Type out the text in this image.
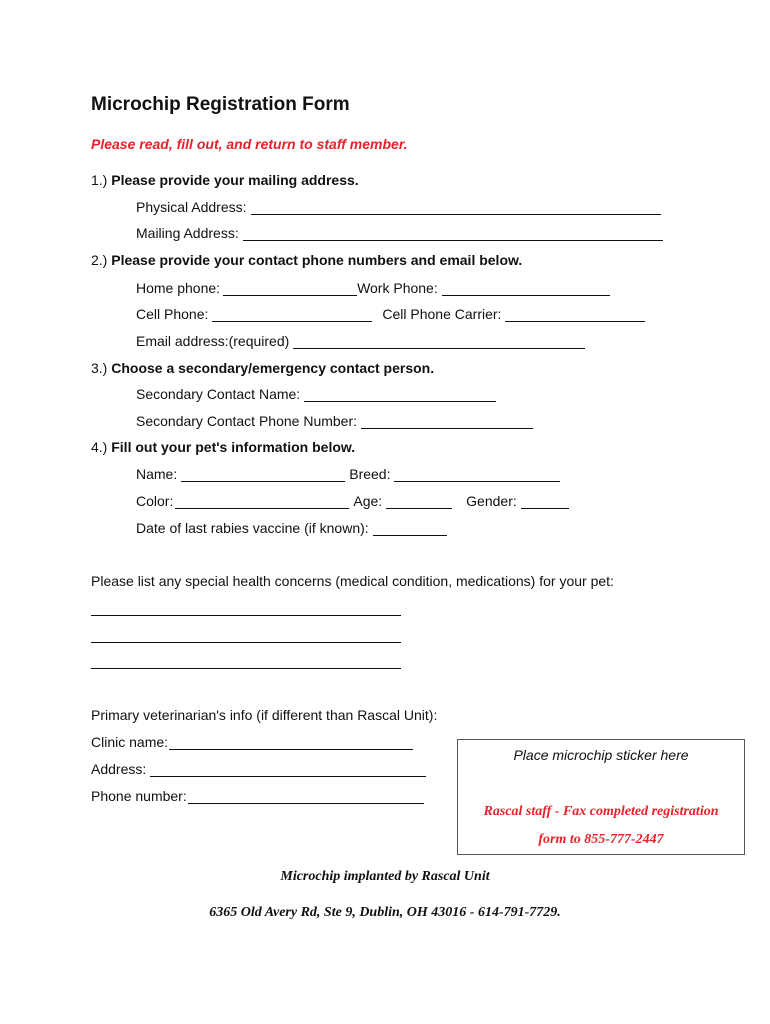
Microchip Registration Form
Please read, fill out, and return to staff member.
1.) Please provide your mailing address.
Physical Address:
Mailing Address:
2.) Please provide your contact phone numbers and email below.
Home phone:	Work Phone:
Cell Phone:	Cell Phone Carrier:
Email address:(required)
3.) Choose a secondary/emergency contact person.
Secondary Contact Name:
Secondary Contact Phone Number:
4.) Fill out your pet's information below.
Name:	Breed:
Color:	Age:	Gender:
Date of last rabies vaccine (if known):
Please list any special health concerns (medical condition, medications) for your pet:
Primary veterinarian's info (if different than Rascal Unit):
Clinic name:
Address:
Phone number:
Place microchip sticker here
Rascal staff - Fax completed registration
form to 855-777-2447
Microchip implanted by Rascal Unit
6365 Old Avery Rd, Ste 9, Dublin, OH 43016 - 614-791-7729.
